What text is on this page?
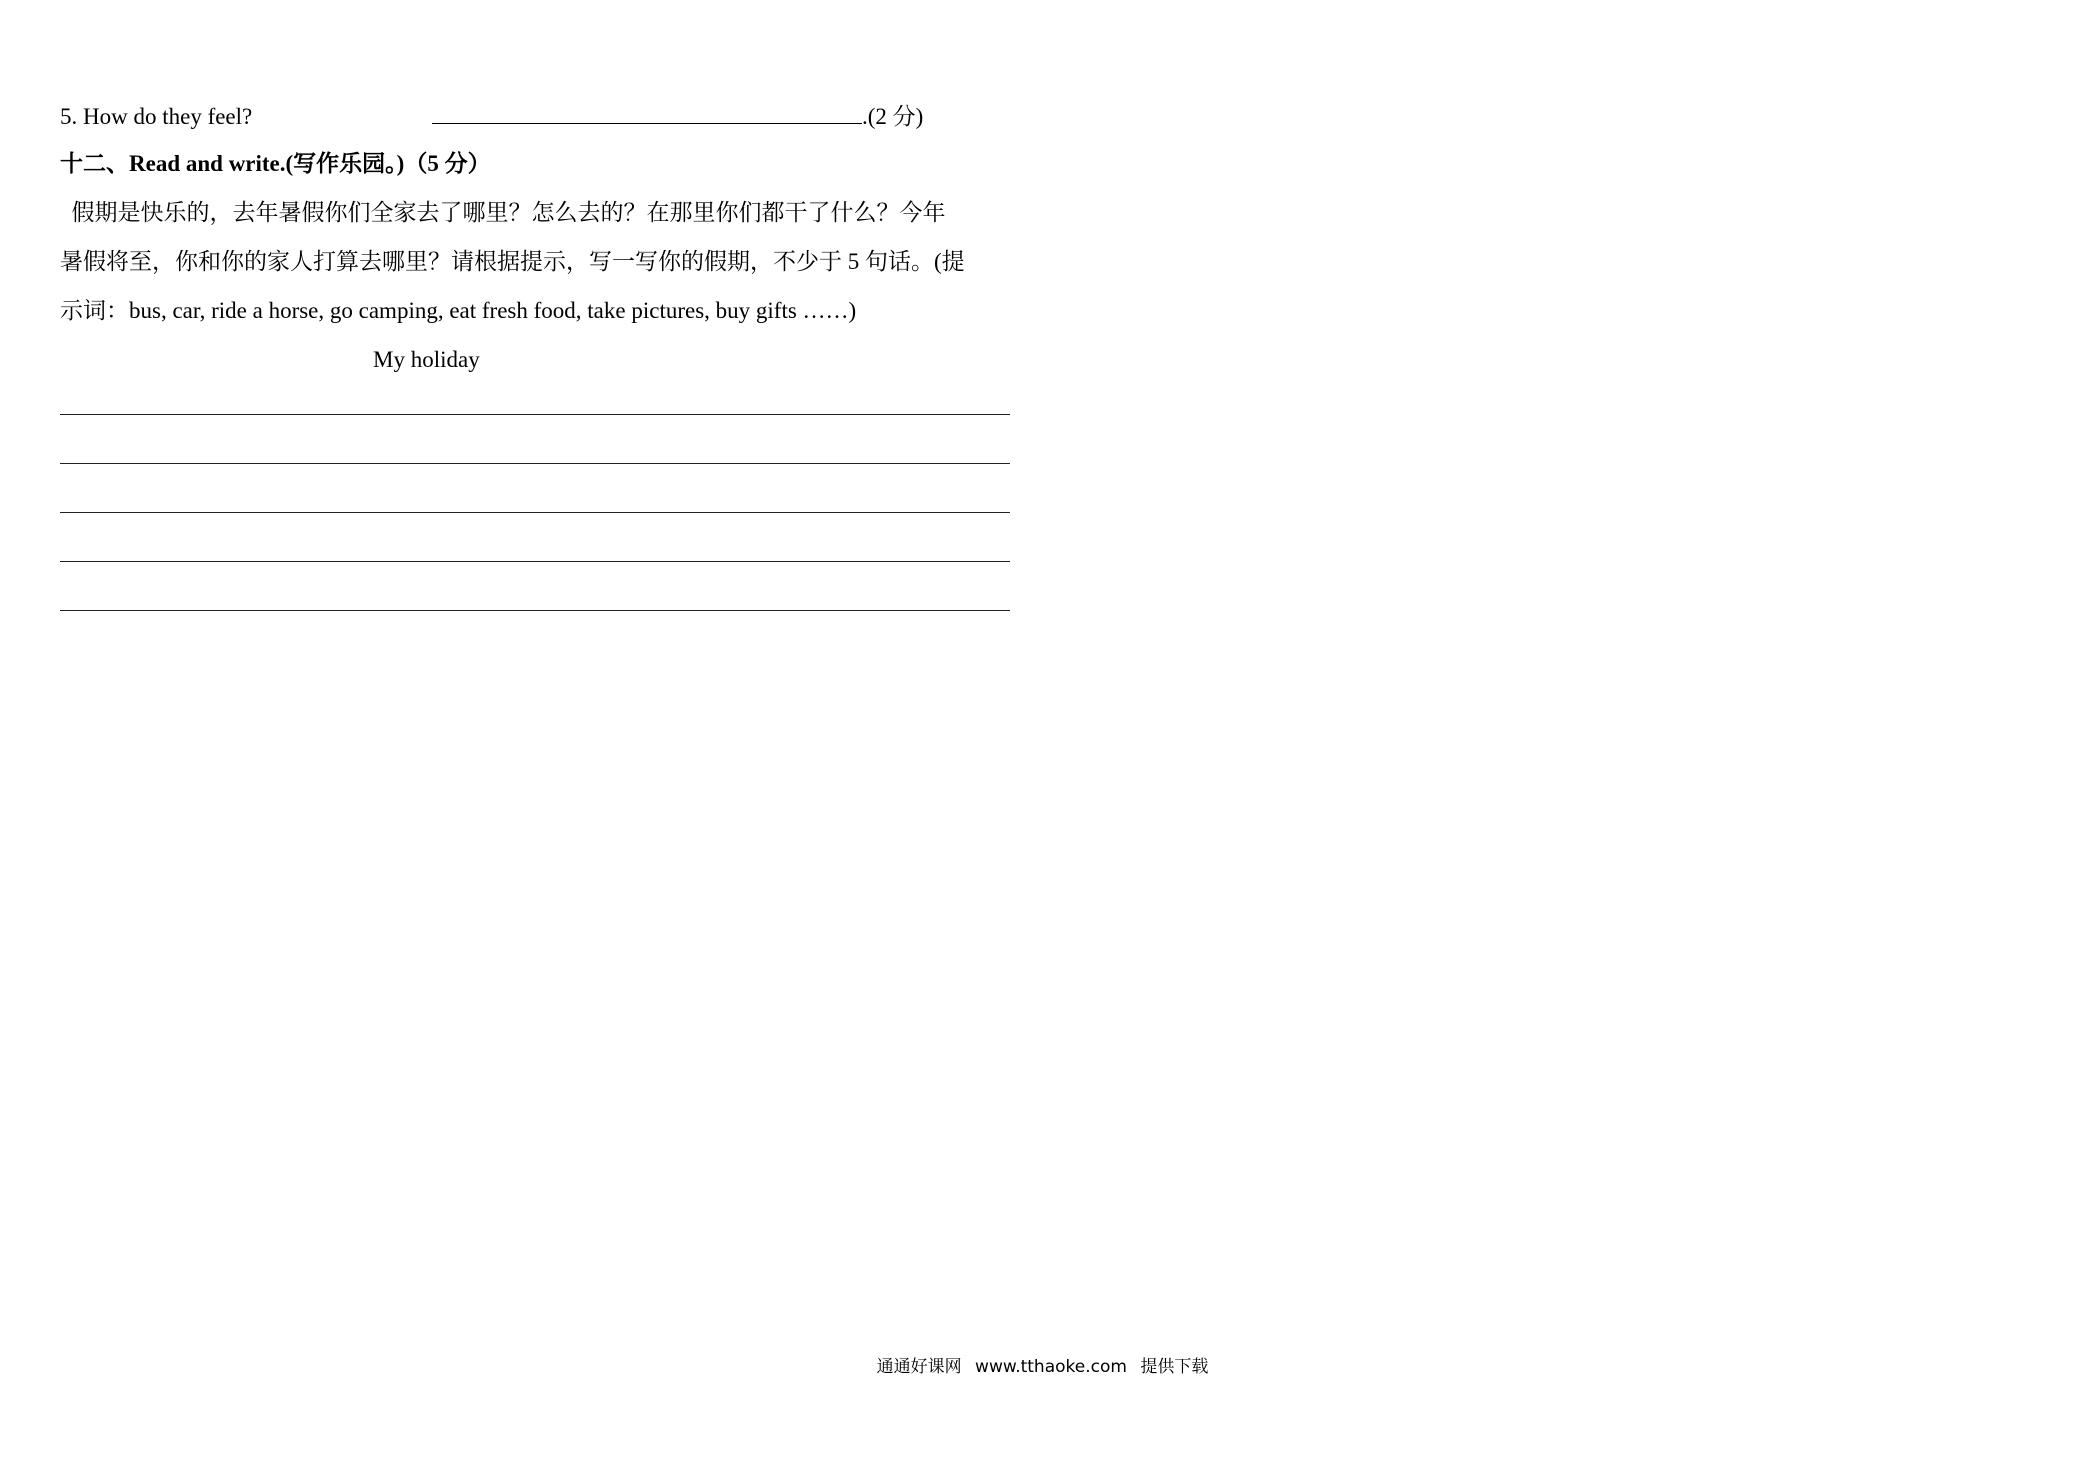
5. How do they feel?	.(2 分)
十二、Read and write.(写作乐园。)（5 分）
假期是快乐的，去年暑假你们全家去了哪里？怎么去的？在那里你们都干了什么？今年
暑假将至，你和你的家人打算去哪里？请根据提示，写一写你的假期，不少于 5 句话。(提
示词：bus, car, ride a horse, go camping, eat fresh food, take pictures, buy gifts ……)
My holiday
通通好课网 www.tthaoke.com 提供下载
